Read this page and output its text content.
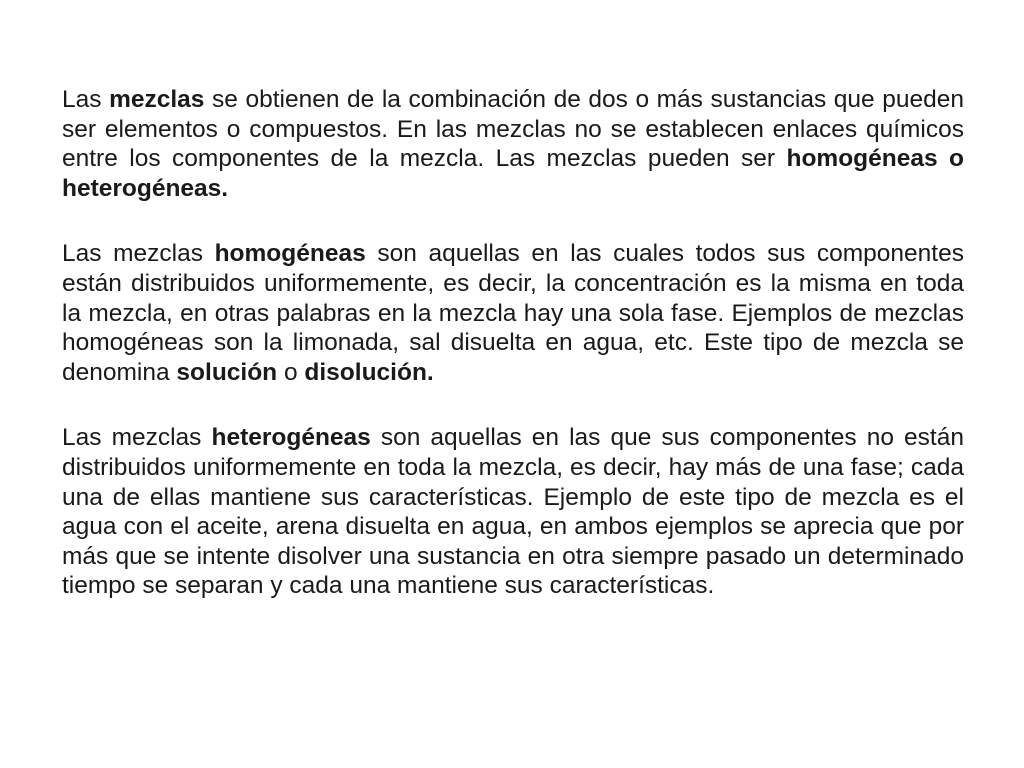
Las mezclas se obtienen de la combinación de dos o más sustancias que pueden ser elementos o compuestos. En las mezclas no se establecen enlaces químicos entre los componentes de la mezcla. Las mezclas pueden ser homogéneas o heterogéneas.

Las mezclas homogéneas son aquellas en las cuales todos sus componentes están distribuidos uniformemente, es decir, la concentración es la misma en toda la mezcla, en otras palabras en la mezcla hay una sola fase. Ejemplos de mezclas homogéneas son la limonada, sal disuelta en agua, etc. Este tipo de mezcla se denomina solución o disolución.

Las mezclas heterogéneas son aquellas en las que sus componentes no están distribuidos uniformemente en toda la mezcla, es decir, hay más de una fase; cada una de ellas mantiene sus características. Ejemplo de este tipo de mezcla es el agua con el aceite, arena disuelta en agua, en ambos ejemplos se aprecia que por más que se intente disolver una sustancia en otra siempre pasado un determinado tiempo se separan y cada una mantiene sus características.
